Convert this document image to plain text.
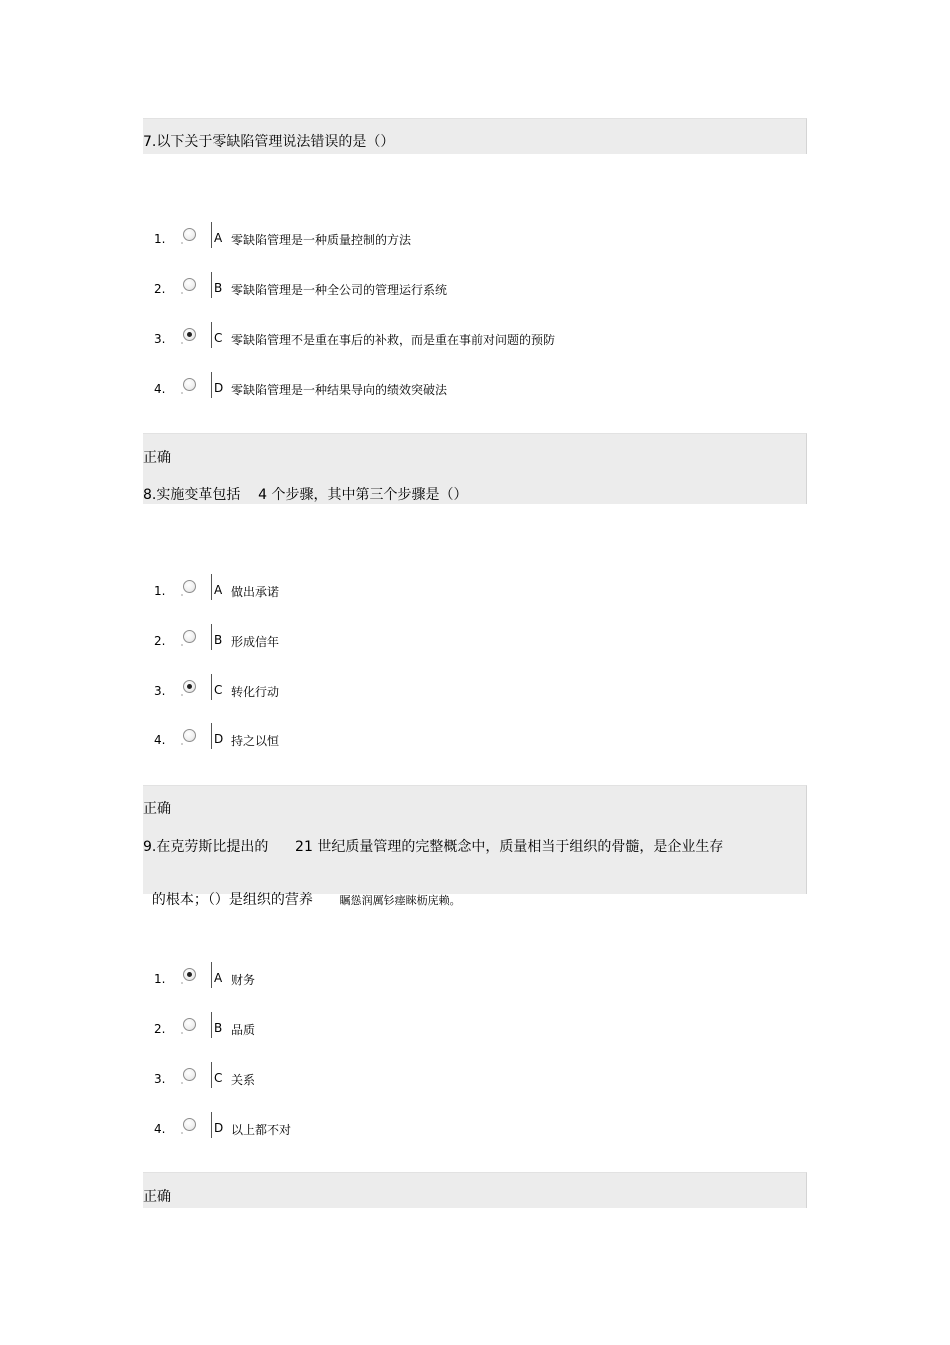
7.以下关于零缺陷管理说法错误的是（）
1.	A 零缺陷管理是一种质量控制的方法
2.	B 零缺陷管理是一种全公司的管理运行系统
3.	C 零缺陷管理不是重在事后的补救，而是重在事前对问题的预防
4.	D 零缺陷管理是一种结果导向的绩效突破法
正确
8.实施变革包括    4 个步骤，其中第三个步骤是（）
1.	A 做出承诺
2.	B 形成信年
3.	C 转化行动
4.	D 持之以恒
正确
9.在克劳斯比提出的      21 世纪质量管理的完整概念中，质量相当于组织的骨髓，是企业生存

的根本；（）是组织的营养 瞩慫润厲钐瘗睞枥庑赖。

1.	A 财务
2.	B 品质
3.	C 关系
4.	D 以上都不对
正确
